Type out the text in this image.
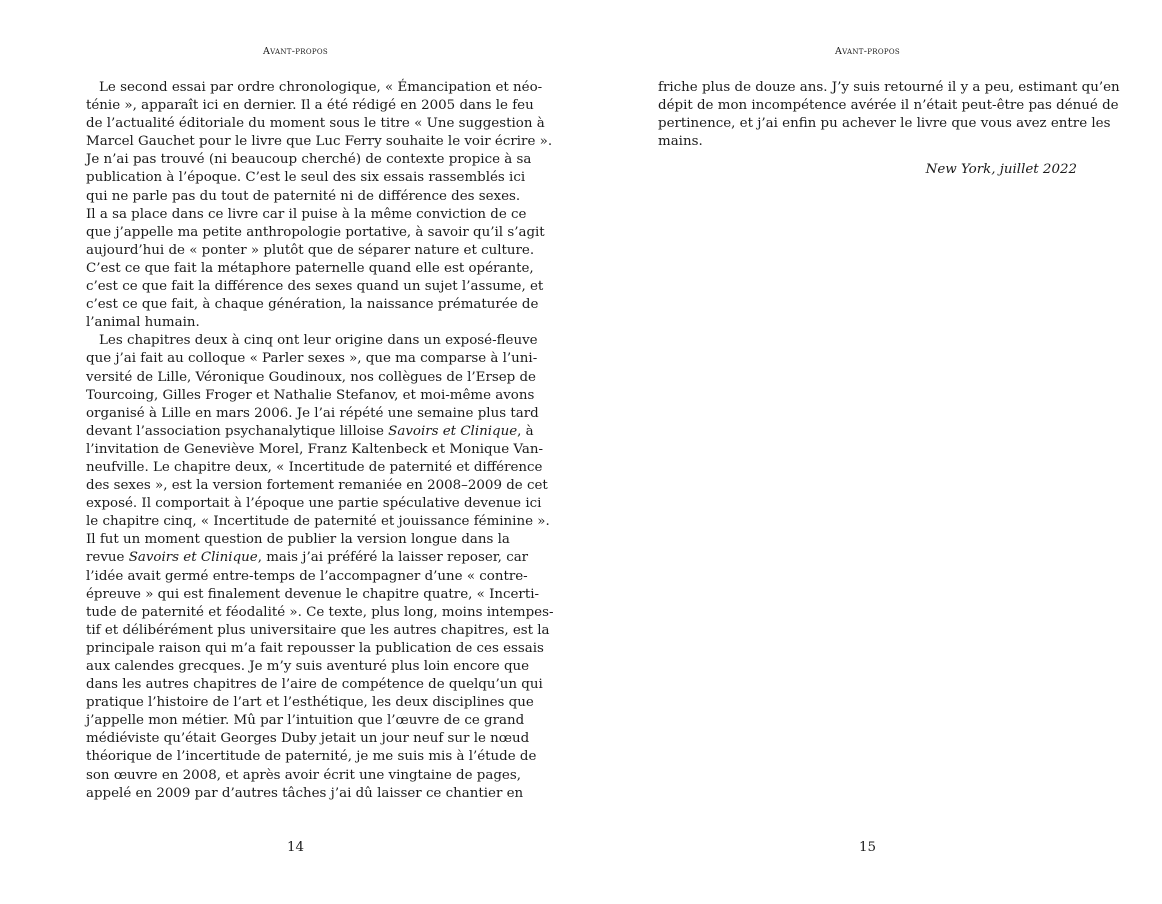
Avant-propos
Le second essai par ordre chronologique, « Émancipation et néo-
ténie », apparaît ici en dernier. Il a été rédigé en 2005 dans le feu
de l’actualité éditoriale du moment sous le titre « Une suggestion à
Marcel Gauchet pour le livre que Luc Ferry souhaite le voir écrire ».
Je n’ai pas trouvé (ni beaucoup cherché) de contexte propice à sa
publication à l’époque. C’est le seul des six essais rassemblés ici
qui ne parle pas du tout de paternité ni de différence des sexes.
Il a sa place dans ce livre car il puise à la même conviction de ce
que j’appelle ma petite anthropologie portative, à savoir qu’il s’agit
aujourd’hui de « ponter » plutôt que de séparer nature et culture.
C’est ce que fait la métaphore paternelle quand elle est opérante,
c’est ce que fait la différence des sexes quand un sujet l’assume, et
c’est ce que fait, à chaque génération, la naissance prématurée de
l’animal humain.
Les chapitres deux à cinq ont leur origine dans un exposé-fleuve
que j’ai fait au colloque « Parler sexes », que ma comparse à l’uni-
versité de Lille, Véronique Goudinoux, nos collègues de l’Ersep de
Tourcoing, Gilles Froger et Nathalie Stefanov, et moi-même avons
organisé à Lille en mars 2006. Je l’ai répété une semaine plus tard
devant l’association psychanalytique lilloise Savoirs et Clinique, à
l’invitation de Geneviève Morel, Franz Kaltenbeck et Monique Van-
neufville. Le chapitre deux, « Incertitude de paternité et différence
des sexes », est la version fortement remaniée en 2008–2009 de cet
exposé. Il comportait à l’époque une partie spéculative devenue ici
le chapitre cinq, « Incertitude de paternité et jouissance féminine ».
Il fut un moment question de publier la version longue dans la
revue Savoirs et Clinique, mais j’ai préféré la laisser reposer, car
l’idée avait germé entre-temps de l’accompagner d’une « contre-
épreuve » qui est finalement devenue le chapitre quatre, « Incerti-
tude de paternité et féodalité ». Ce texte, plus long, moins intempes-
tif et délibérément plus universitaire que les autres chapitres, est la
principale raison qui m’a fait repousser la publication de ces essais
aux calendes grecques. Je m’y suis aventuré plus loin encore que
dans les autres chapitres de l’aire de compétence de quelqu’un qui
pratique l’histoire de l’art et l’esthétique, les deux disciplines que
j’appelle mon métier. Mû par l’intuition que l’œuvre de ce grand
médiéviste qu’était Georges Duby jetait un jour neuf sur le nœud
théorique de l’incertitude de paternité, je me suis mis à l’étude de
son œuvre en 2008, et après avoir écrit une vingtaine de pages,
appelé en 2009 par d’autres tâches j’ai dû laisser ce chantier en
14
Avant-propos
friche plus de douze ans. J’y suis retourné il y a peu, estimant qu’en
dépit de mon incompétence avérée il n’était peut-être pas dénué de
pertinence, et j’ai enfin pu achever le livre que vous avez entre les
mains.
New York, juillet 2022
15
